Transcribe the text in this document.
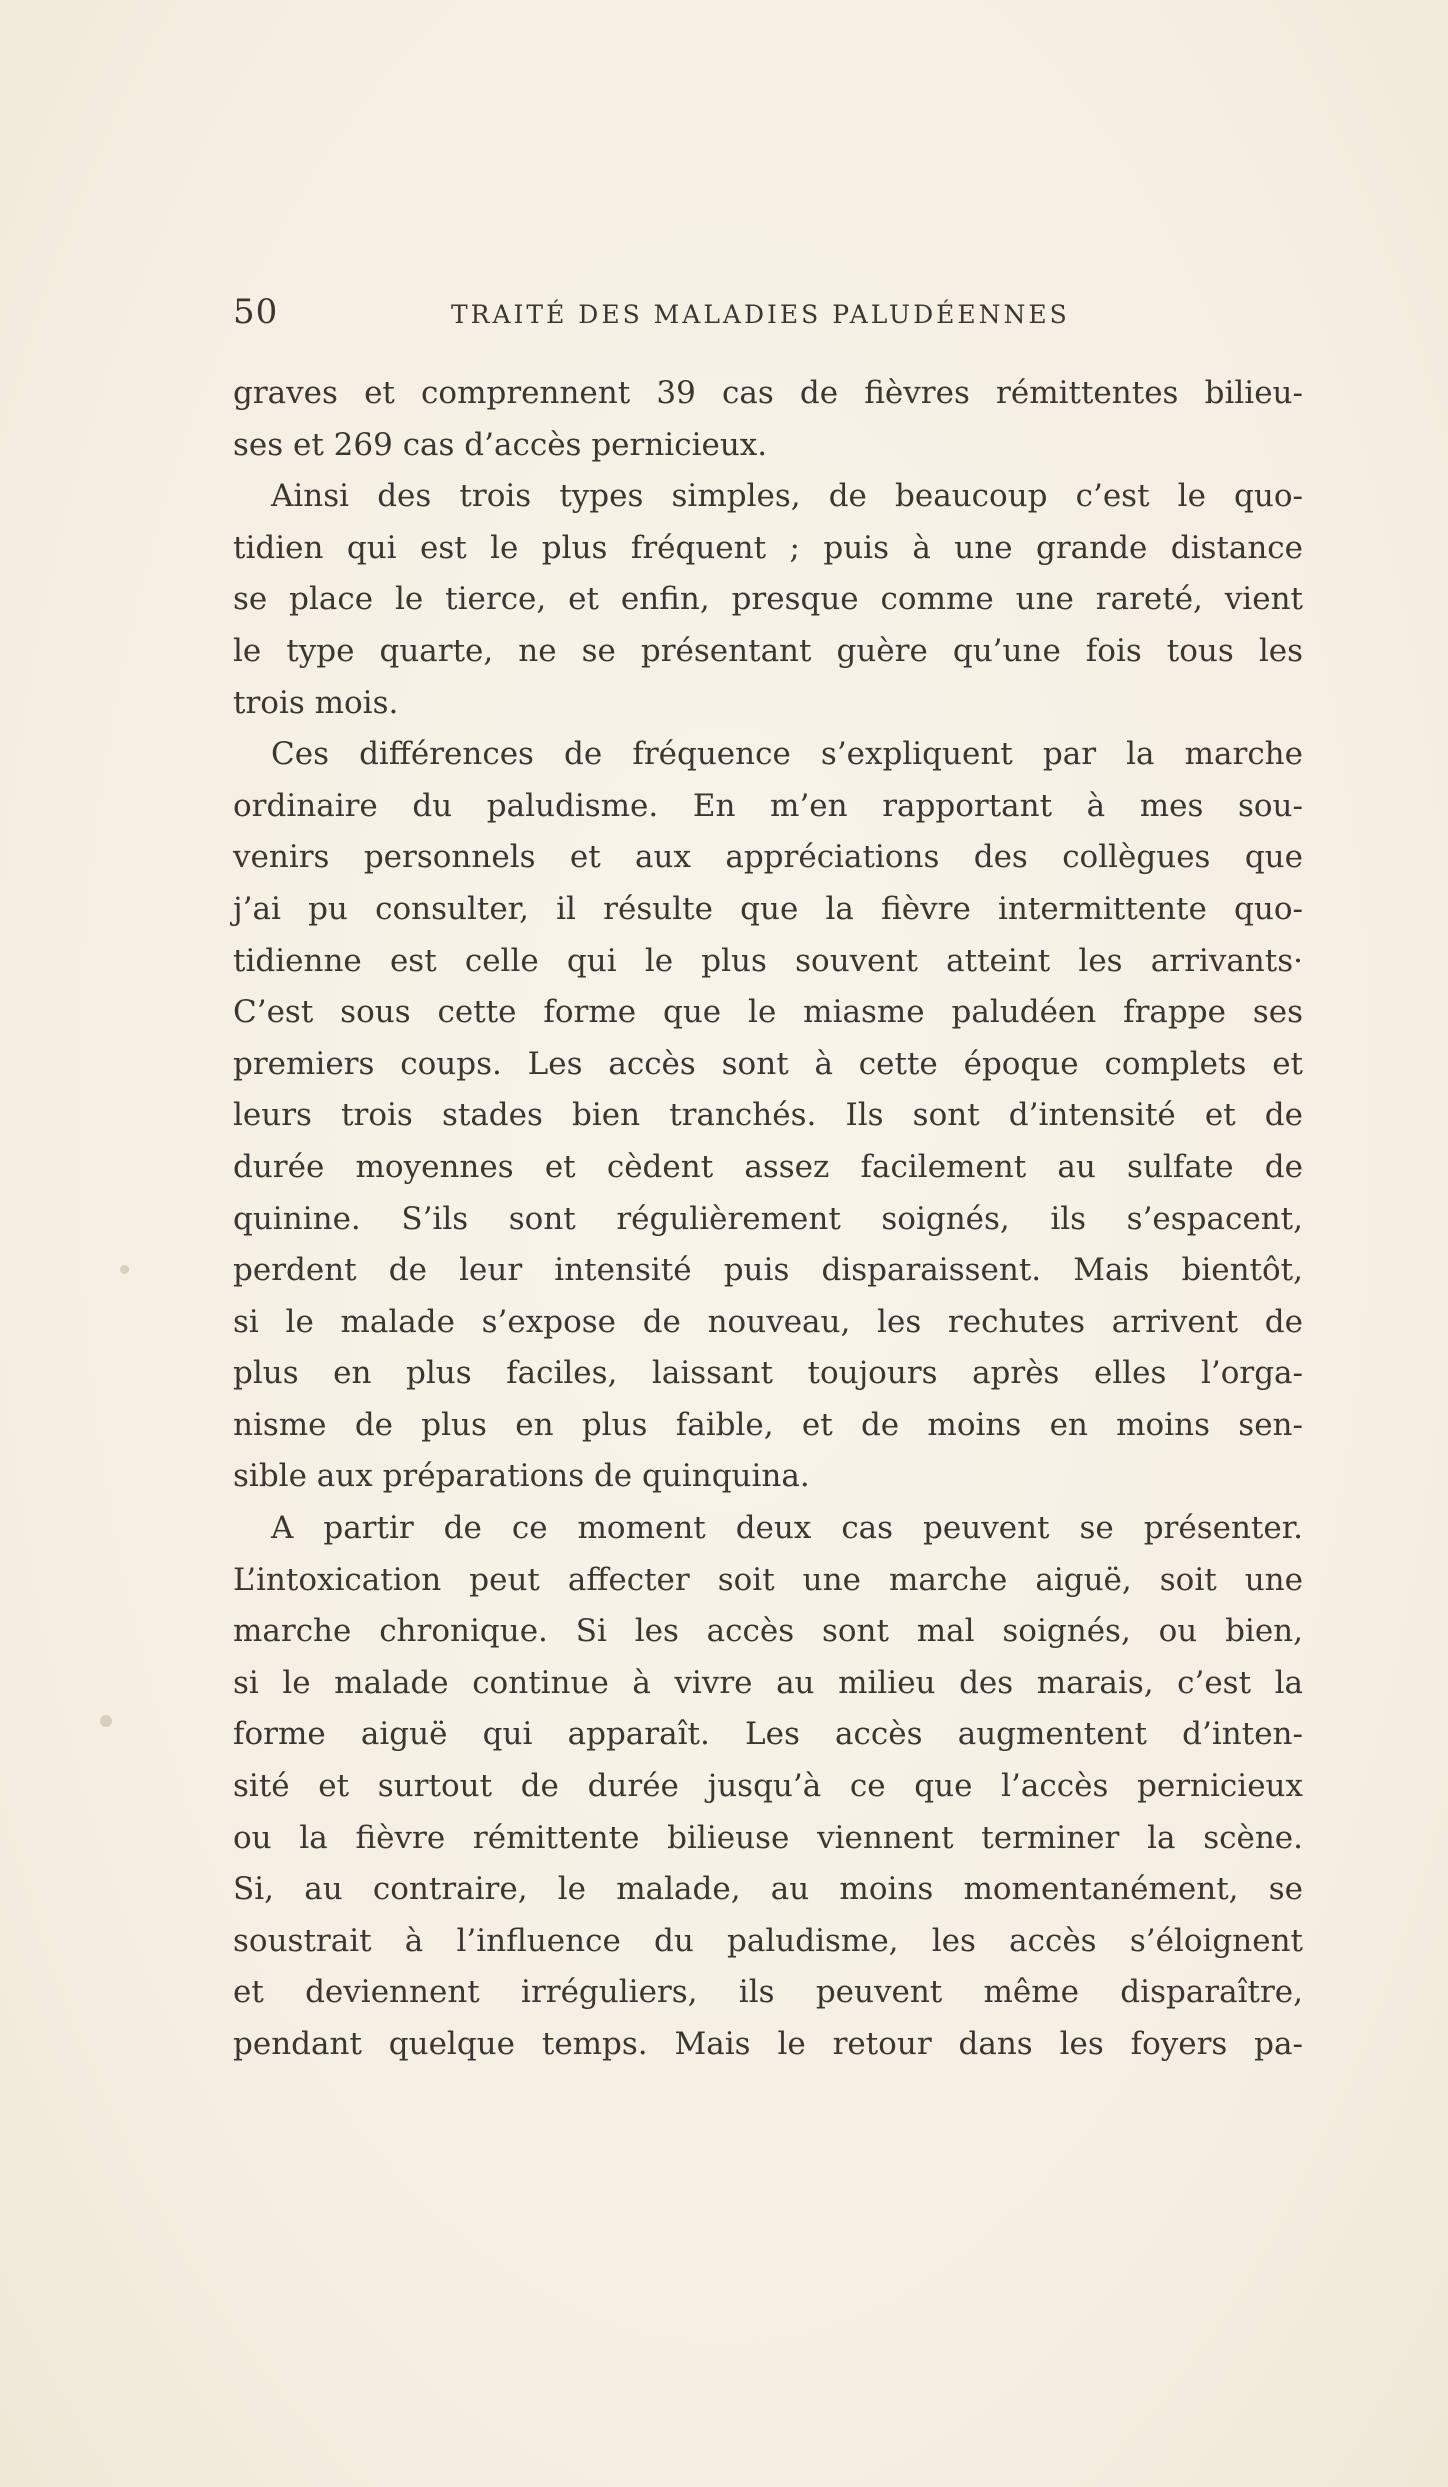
50	TRAITÉ DES MALADIES PALUDÉENNES
graves et comprennent 39 cas de fièvres rémittentes bilieu-
ses et 269 cas d’accès pernicieux.
Ainsi des trois types simples, de beaucoup c’est le quo-
tidien qui est le plus fréquent ; puis à une grande distance
se place le tierce, et enfin, presque comme une rareté, vient
le type quarte, ne se présentant guère qu’une fois tous les
trois mois.
Ces différences de fréquence s’expliquent par la marche
ordinaire du paludisme. En m’en rapportant à mes sou-
venirs personnels et aux appréciations des collègues que
j’ai pu consulter, il résulte que la fièvre intermittente quo-
tidienne est celle qui le plus souvent atteint les arrivants·
C’est sous cette forme que le miasme paludéen frappe ses
premiers coups. Les accès sont à cette époque complets et
leurs trois stades bien tranchés. Ils sont d’intensité et de
durée moyennes et cèdent assez facilement au sulfate de
quinine. S’ils sont régulièrement soignés, ils s’espacent,
perdent de leur intensité puis disparaissent. Mais bientôt,
si le malade s’expose de nouveau, les rechutes arrivent de
plus en plus faciles, laissant toujours après elles l’orga-
nisme de plus en plus faible, et de moins en moins sen-
sible aux préparations de quinquina.
A partir de ce moment deux cas peuvent se présenter.
L’intoxication peut affecter soit une marche aiguë, soit une
marche chronique. Si les accès sont mal soignés, ou bien,
si le malade continue à vivre au milieu des marais, c’est la
forme aiguë qui apparaît. Les accès augmentent d’inten-
sité et surtout de durée jusqu’à ce que l’accès pernicieux
ou la fièvre rémittente bilieuse viennent terminer la scène.
Si, au contraire, le malade, au moins momentanément, se
soustrait à l’influence du paludisme, les accès s’éloignent
et deviennent irréguliers, ils peuvent même disparaître,
pendant quelque temps. Mais le retour dans les foyers pa-
